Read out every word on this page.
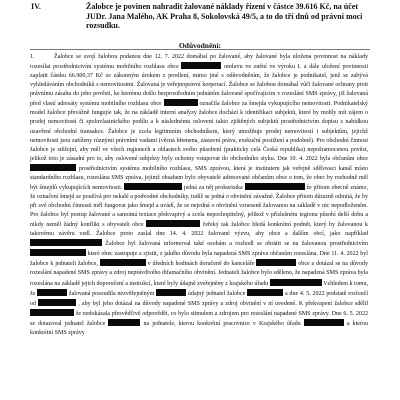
IV.	Žalobce je povinen nahradit žalované náklady řízení v částce 39.616 Kč, na účet JUDr. Jana Malého, AK Praha 8, Sokolovská 49/5, a to do tří dnů od právní moci rozsudku.
Odůvodnění:
1.	Žalobce se svojí žalobou podanou dne 12. 7. 2022 domáhal po žalované, aby žalované byla uložena povinnost na náklady rozesílat prostřednictvím systému mobilního rozhlasu obce	omluvu ve znění ve výroku I. a dále uložení povinnosti zaplatit částku 66.900,37 Kč ze zákonným úrokem z prodlení, mimo jiné s odůvodněním, že žalobce je podnikatel, jenž se zabývá vyhledáváním obchodníků s nemovitostmi. Žalovaná je veřejnoprávní korporací. Žalobce se žalobou domáhal vůči žalované ochrany proti právnímu zásahu do jeho pověsti, ke kterému došlo bezprostředním jednáním žalované spočívajícím v rozeslání SMS zprávy, již žalovaná před vlastí adresáty systému mobilního rozhlasu obce	označila žalobce za šmejda vykupujícího nemovitosti. Podnikatelský model žalobce převážně fungujíe tak, že na základě interní analýzy žalobce dochází k identifikaci subjektů, které by mohly mít zájem o prodej nemovitostí či spoluvlastnického podílu a k následnému oslovení takto zjištěných subjektů prostřednictvím dopisu s nabídkou uzavření obchodní transakce. Žalobce je zcela legitimním obchodníkem, který umožňuje prodej nemovitostí i subjektům, jejichž nemovitosti jsou zatíženy různými právními vadami (věcná břemena, zástavní práva, exekuční postižení a podobně). Pro obchodní činnost žalobce je stěžejní, aby měl ve všech regionech a oblastech svého působení (prakticky celá Česká republika) nepošramocenou pověst, jelikož toto je zásadní pro to, aby oslovené subjekty byly ochotny vstupovat do obchodního styku. Dne 10. 4. 2022 byla občanům obce  prostřednictvím systému mobilního rozhlasu, SMS zprávou, která je institutem jak veřejně sdělovaci kanál místo standardního rozhlasu, rozeslána SMS zpráva, jejímž obsahem bylo obyvatelé adresované občanům obce o tom, že obec by rozhodně měl být šmejdů vykupujících nemovitosti.	jedná za něj prokuristka	že přitom obecně známo, že označení šmejd se používá pro nekalé a podvodné obchodníky, tudíž se jedná o obvinění závažné. Žalobce přitom důrazně odmítá, že by při své obchodní činnosti měl fungovat jako šmejd a uvádí, že se nejedná o obvinění vzneseně žalovanou na základě v nic nepodloženém. Pro žalobce byl postup žalované a samotná textace překvapivý a zcela nepochopitelný, jelikož v příslušném tegionu působí delší dobu a nikdy neměl žádný konflikt s obyvateli obce	čeřeký tak žalobce hledá konkrétní podnět, který by žalovanou k takovému závěru vedl. Žalobce proto zaslal dne 14. 4. 2022 žalované výzvu, aby obce a dalším obcí, jako například  Žalobce byl žalovaná informoval také osobám a rozhodl se obrátit se na žalovanou prostřednictvím  které obec zastupuje a zjistit, z jakého důvodu byla napadená SMS zpráva občanům rozeslána. Dne 11. 4. 2022 byl žalobce k jednateli žalobce,	v úředních hodinách doručeně do kanceláře	obce a dotázal se na důvody rozeslání napadené SMS zprávy a zdroj neprávdivého difamačního obvinění. Jednateli žalobce bylo sděleno, že napadená SMS zpráva byla rozeslána na základě jejich doporučení a instrukcí, které byly údajně zveřejněny z krajského úřadu	Vzhledem k tomu, že	žalovaná posoudila nezvěřejněným	údajný jednatel žalobce	a dne 4. 5. 2022 podstatě rozloučí od	, aby byl jeho dotázal na důvody napadené SMS zprávy a zdroj obvinění v ní uvedené. K překvapení žalobce sdělil  že nedokázala přesvědčivě odpovědět, co bylo stimulem a zdrojem pro rozeslání napadené SMS zprávy. Dne 6. 5. 2022 se dotazoval jednatel žalobce	na jednatele, kterou konkrétní pracovnice v Krajského úřadu	a kterou konkrétní SMS zprávy
